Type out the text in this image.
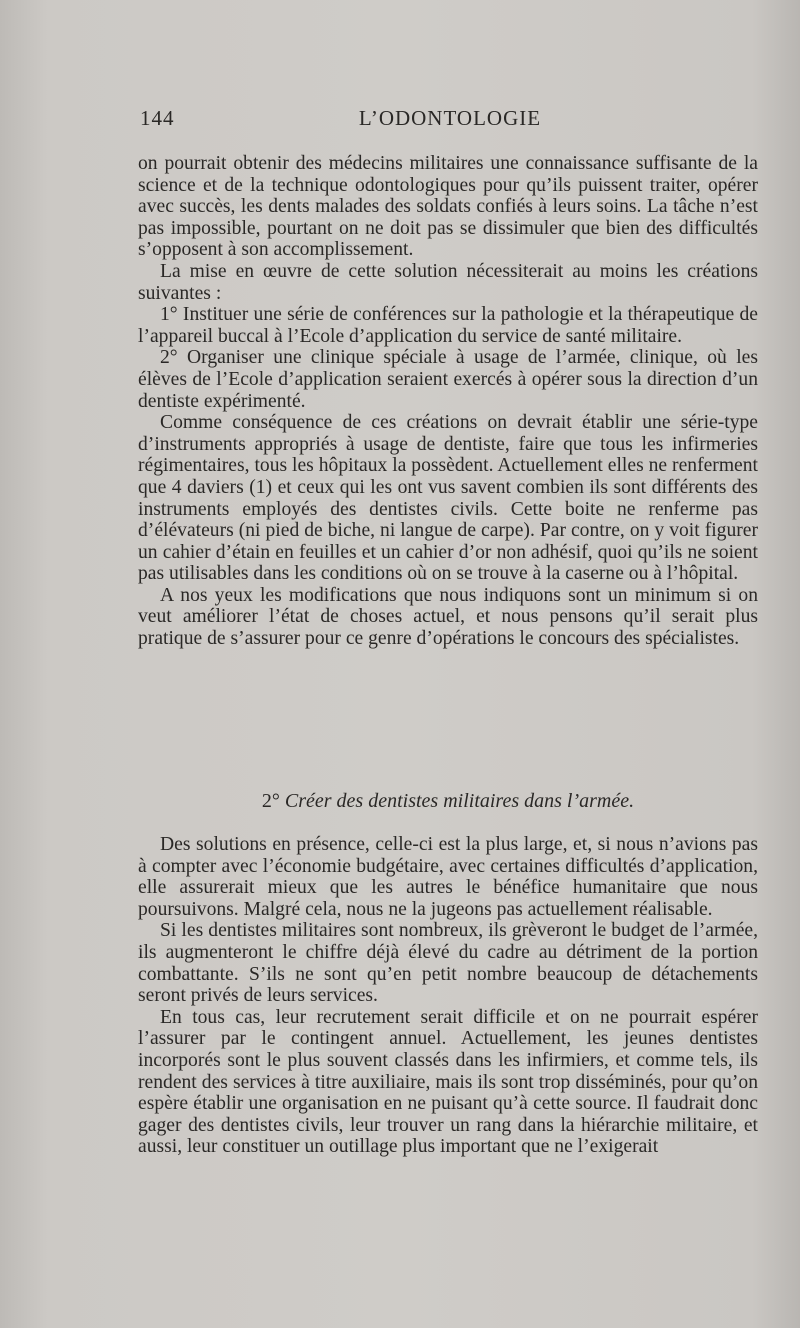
144	L’ODONTOLOGIE

on pourrait obtenir des médecins militaires une connaissance suffisante de la science et de la technique odontologiques pour qu’ils puissent traiter, opérer avec succès, les dents malades des soldats confiés à leurs soins. La tâche n’est pas impossible, pourtant on ne doit pas se dissimuler que bien des difficultés s’opposent à son accomplissement.

La mise en œuvre de cette solution nécessiterait au moins les créations suivantes :

1° Instituer une série de conférences sur la pathologie et la thérapeutique de l’appareil buccal à l’Ecole d’application du service de santé militaire.

2° Organiser une clinique spéciale à usage de l’armée, clinique, où les élèves de l’Ecole d’application seraient exercés à opérer sous la direction d’un dentiste expérimenté.

Comme conséquence de ces créations on devrait établir une série-type d’instruments appropriés à usage de dentiste, faire que tous les infirmeries régimentaires, tous les hôpitaux la possèdent. Actuellement elles ne renferment que 4 daviers (1) et ceux qui les ont vus savent combien ils sont différents des instruments employés des dentistes civils. Cette boite ne renferme pas d’élévateurs (ni pied de biche, ni langue de carpe). Par contre, on y voit figurer un cahier d’étain en feuilles et un cahier d’or non adhésif, quoi qu’ils ne soient pas utilisables dans les conditions où on se trouve à la caserne ou à l’hôpital.

A nos yeux les modifications que nous indiquons sont un minimum si on veut améliorer l’état de choses actuel, et nous pensons qu’il serait plus pratique de s’assurer pour ce genre d’opérations le concours des spécialistes.

2° Créer des dentistes militaires dans l’armée.

Des solutions en présence, celle-ci est la plus large, et, si nous n’avions pas à compter avec l’économie budgétaire, avec certaines difficultés d’application, elle assurerait mieux que les autres le bénéfice humanitaire que nous poursuivons. Malgré cela, nous ne la jugeons pas actuellement réalisable.

Si les dentistes militaires sont nombreux, ils grèveront le budget de l’armée, ils augmenteront le chiffre déjà élevé du cadre au détriment de la portion combattante. S’ils ne sont qu’en petit nombre beaucoup de détachements seront privés de leurs services.

En tous cas, leur recrutement serait difficile et on ne pourrait espérer l’assurer par le contingent annuel. Actuellement, les jeunes dentistes incorporés sont le plus souvent classés dans les infirmiers, et comme tels, ils rendent des services à titre auxiliaire, mais ils sont trop disséminés, pour qu’on espère établir une organisation en ne puisant qu’à cette source. Il faudrait donc gager des dentistes civils, leur trouver un rang dans la hiérarchie militaire, et aussi, leur constituer un outillage plus important que ne l’exigerait
